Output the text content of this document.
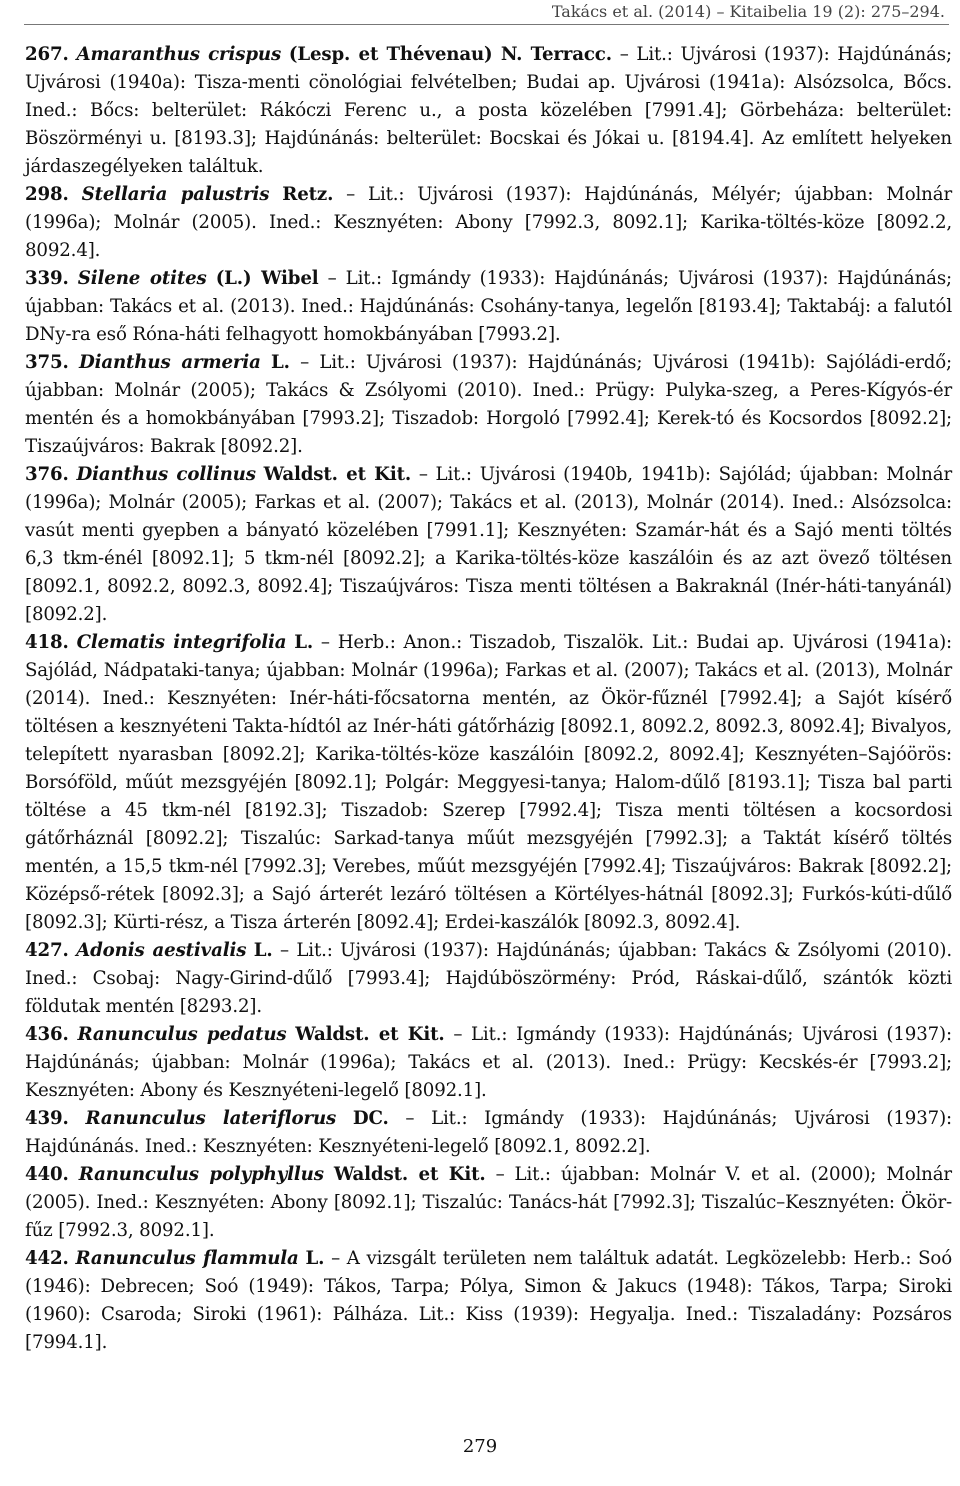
Takács et al. (2014) – Kitaibelia 19 (2): 275–294.

267. Amaranthus crispus (Lesp. et Thévenau) N. Terracc. – Lit.: Ujvárosi (1937): Hajdúnánás; Ujvárosi (1940a): Tisza-menti cönológiai felvételben; Budai ap. Ujvárosi (1941a): Alsózsolca, Bőcs. Ined.: Bőcs: belterület: Rákóczi Ferenc u., a posta közelében [7991.4]; Görbeháza: belterület: Böszörményi u. [8193.3]; Hajdúnánás: belterület: Bocskai és Jókai u. [8194.4]. Az említett helyeken járdaszegélyeken találtuk.

298. Stellaria palustris Retz. – Lit.: Ujvárosi (1937): Hajdúnánás, Mélyér; újabban: Molnár (1996a); Molnár (2005). Ined.: Kesznyéten: Abony [7992.3, 8092.1]; Karika-töltés-köze [8092.2, 8092.4].

339. Silene otites (L.) Wibel – Lit.: Igmándy (1933): Hajdúnánás; Ujvárosi (1937): Hajdúnánás; újabban: Takács et al. (2013). Ined.: Hajdúnánás: Csohány-tanya, legelőn [8193.4]; Taktabáj: a falutól DNy-ra eső Róna-háti felhagyott homokbányában [7993.2].

375. Dianthus armeria L. – Lit.: Ujvárosi (1937): Hajdúnánás; Ujvárosi (1941b): Sajóládi-erdő; újabban: Molnár (2005); Takács & Zsólyomi (2010). Ined.: Prügy: Pulyka-szeg, a Peres-Kígyós-ér mentén és a homokbányában [7993.2]; Tiszadob: Horgoló [7992.4]; Kerek-tó és Kocsordos [8092.2]; Tiszaújváros: Bakrak [8092.2].

376. Dianthus collinus Waldst. et Kit. – Lit.: Ujvárosi (1940b, 1941b): Sajólád; újabban: Molnár (1996a); Molnár (2005); Farkas et al. (2007); Takács et al. (2013), Molnár (2014). Ined.: Alsózsolca: vasút menti gyepben a bányató közelében [7991.1]; Kesznyéten: Szamár-hát és a Sajó menti töltés 6,3 tkm-énél [8092.1]; 5 tkm-nél [8092.2]; a Karika-töltés-köze kaszálóin és az azt övező töltésen [8092.1, 8092.2, 8092.3, 8092.4]; Tiszaújváros: Tisza menti töltésen a Bakraknál (Inér-háti-tanyánál) [8092.2].

418. Clematis integrifolia L. – Herb.: Anon.: Tiszadob, Tiszalök. Lit.: Budai ap. Ujvárosi (1941a): Sajólád, Nádpataki-tanya; újabban: Molnár (1996a); Farkas et al. (2007); Takács et al. (2013), Molnár (2014). Ined.: Kesznyéten: Inér-háti-főcsatorna mentén, az Ökör-fűznél [7992.4]; a Sajót kísérő töltésen a kesznyéteni Takta-hídtól az Inér-háti gátőrházig [8092.1, 8092.2, 8092.3, 8092.4]; Bivalyos, telepített nyarasban [8092.2]; Karika-töltés-köze kaszálóin [8092.2, 8092.4]; Kesznyéten–Sajóörös: Borsóföld, műút mezsgyéjén [8092.1]; Polgár: Meggyesi-tanya; Halom-dűlő [8193.1]; Tisza bal parti töltése a 45 tkm-nél [8192.3]; Tiszadob: Szerep [7992.4]; Tisza menti töltésen a kocsordosi gátőrháznál [8092.2]; Tiszalúc: Sarkad-tanya műút mezsgyéjén [7992.3]; a Taktát kísérő töltés mentén, a 15,5 tkm-nél [7992.3]; Verebes, műút mezsgyéjén [7992.4]; Tiszaújváros: Bakrak [8092.2]; Középső-rétek [8092.3]; a Sajó árterét lezáró töltésen a Körtélyes-hátnál [8092.3]; Furkós-kúti-dűlő [8092.3]; Kürti-rész, a Tisza árterén [8092.4]; Erdei-kaszálók [8092.3, 8092.4].

427. Adonis aestivalis L. – Lit.: Ujvárosi (1937): Hajdúnánás; újabban: Takács & Zsólyomi (2010). Ined.: Csobaj: Nagy-Girind-dűlő [7993.4]; Hajdúböszörmény: Pród, Ráskai-dűlő, szántók közti földutak mentén [8293.2].

436. Ranunculus pedatus Waldst. et Kit. – Lit.: Igmándy (1933): Hajdúnánás; Ujvárosi (1937): Hajdúnánás; újabban: Molnár (1996a); Takács et al. (2013). Ined.: Prügy: Kecskés-ér [7993.2]; Kesznyéten: Abony és Kesznyéteni-legelő [8092.1].

439. Ranunculus lateriflorus DC. – Lit.: Igmándy (1933): Hajdúnánás; Ujvárosi (1937): Hajdúnánás. Ined.: Kesznyéten: Kesznyéteni-legelő [8092.1, 8092.2].

440. Ranunculus polyphyllus Waldst. et Kit. – Lit.: újabban: Molnár V. et al. (2000); Molnár (2005). Ined.: Kesznyéten: Abony [8092.1]; Tiszalúc: Tanács-hát [7992.3]; Tiszalúc–Kesznyéten: Ökör-fűz [7992.3, 8092.1].

442. Ranunculus flammula L. – A vizsgált területen nem találtuk adatát. Legközelebb: Herb.: Soó (1946): Debrecen; Soó (1949): Tákos, Tarpa; Pólya, Simon & Jakucs (1948): Tákos, Tarpa; Siroki (1960): Csaroda; Siroki (1961): Pálháza. Lit.: Kiss (1939): Hegyalja. Ined.: Tiszaladány: Pozsáros [7994.1].

279
